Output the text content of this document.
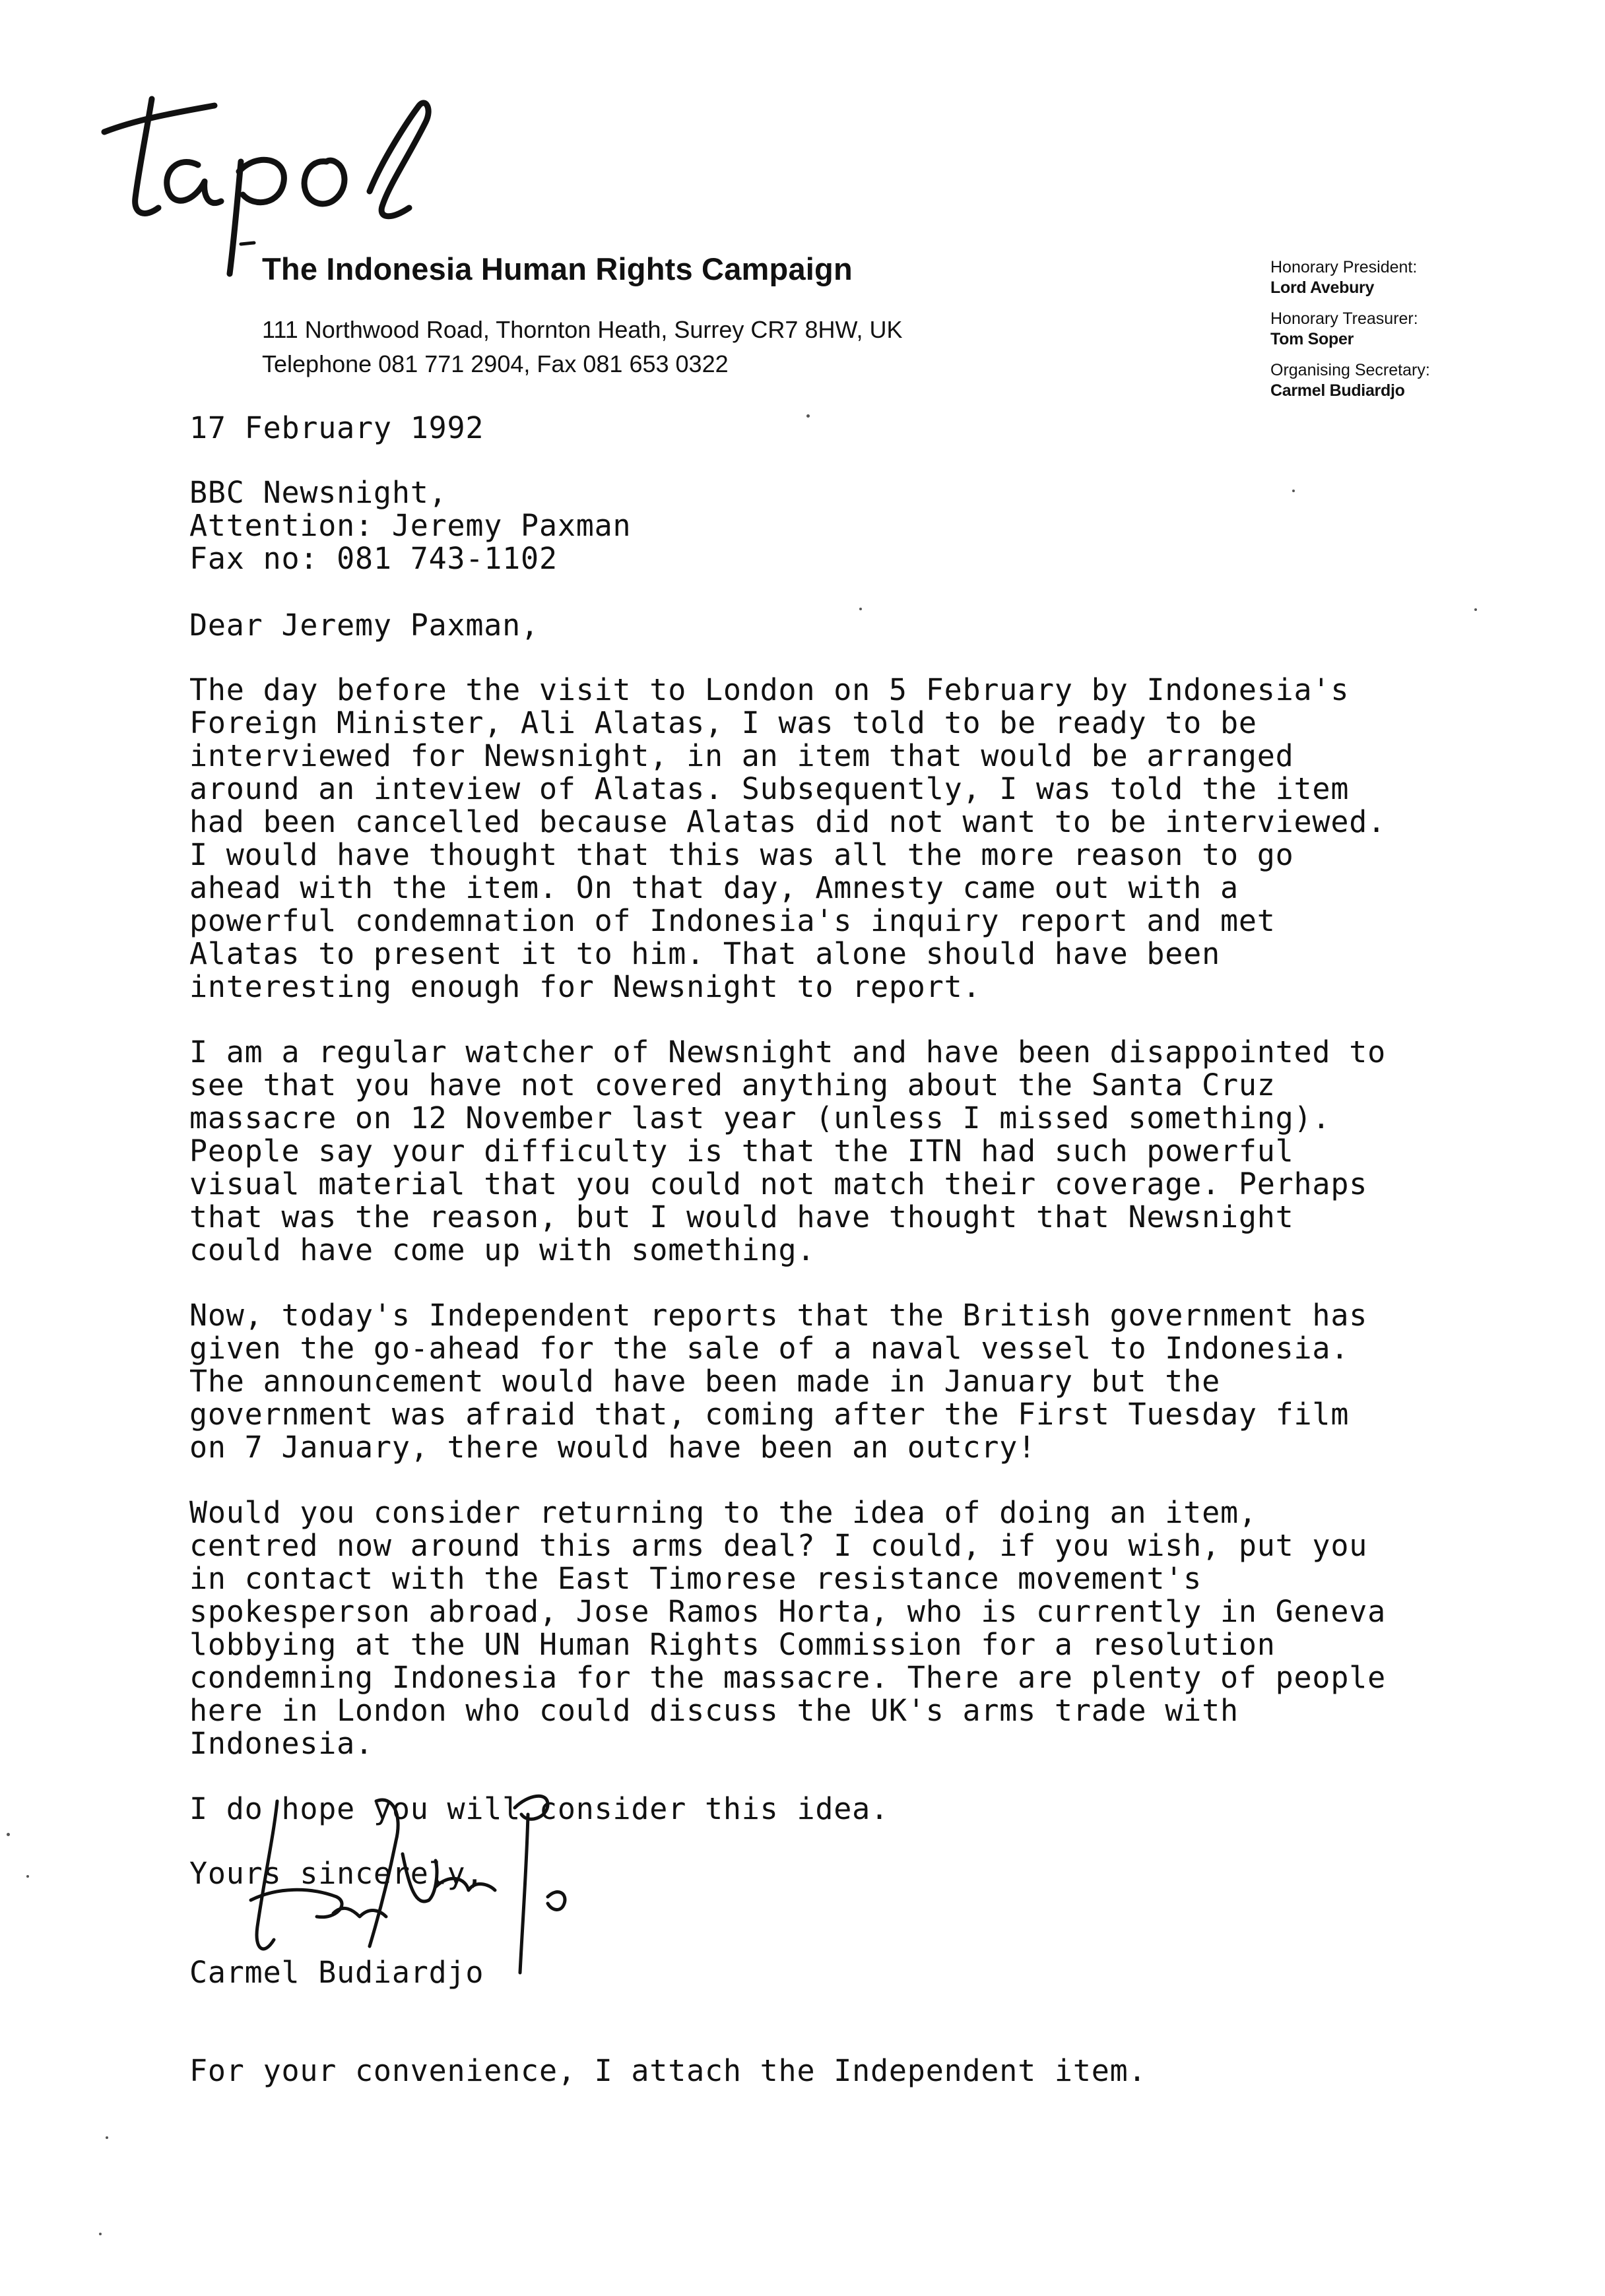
The Indonesia Human Rights Campaign
111 Northwood Road, Thornton Heath, Surrey CR7 8HW, UK
Telephone 081 771 2904, Fax 081 653 0322
Honorary President:
Lord Avebury
Honorary Treasurer:
Tom Soper
Organising Secretary:
Carmel Budiardjo
17 February 1992
BBC Newsnight,
Attention: Jeremy Paxman
Fax no: 081 743-1102
Dear Jeremy Paxman,
The day before the visit to London on 5 February by Indonesia's
Foreign Minister, Ali Alatas, I was told to be ready to be
interviewed for Newsnight, in an item that would be arranged
around an inteview of Alatas. Subsequently, I was told the item
had been cancelled because Alatas did not want to be interviewed.
I would have thought that this was all the more reason to go
ahead with the item. On that day, Amnesty came out with a
powerful condemnation of Indonesia's inquiry report and met
Alatas to present it to him. That alone should have been
interesting enough for Newsnight to report.
I am a regular watcher of Newsnight and have been disappointed to
see that you have not covered anything about the Santa Cruz
massacre on 12 November last year (unless I missed something).
People say your difficulty is that the ITN had such powerful
visual material that you could not match their coverage. Perhaps
that was the reason, but I would have thought that Newsnight
could have come up with something.
Now, today's Independent reports that the British government has
given the go-ahead for the sale of a naval vessel to Indonesia.
The announcement would have been made in January but the
government was afraid that, coming after the First Tuesday film
on 7 January, there would have been an outcry!
Would you consider returning to the idea of doing an item,
centred now around this arms deal? I could, if you wish, put you
in contact with the East Timorese resistance movement's
spokesperson abroad, Jose Ramos Horta, who is currently in Geneva
lobbying at the UN Human Rights Commission for a resolution
condemning Indonesia for the massacre. There are plenty of people
here in London who could discuss the UK's arms trade with
Indonesia.
I do hope you will consider this idea.
Yours sincerely,
Carmel Budiardjo
For your convenience, I attach the Independent item.
